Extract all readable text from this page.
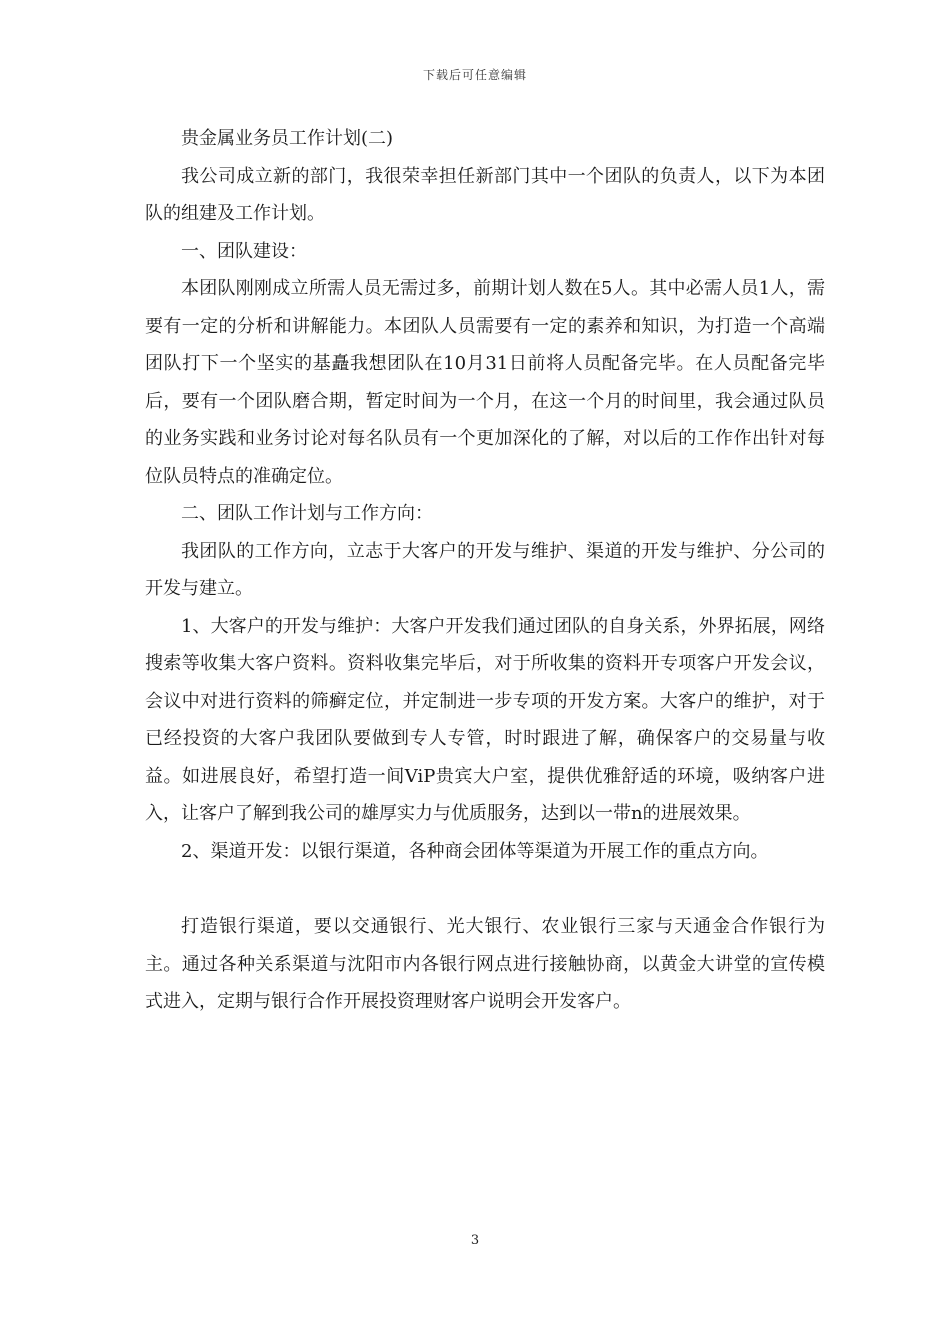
下载后可任意编辑

贵金属业务员工作计划(二)

我公司成立新的部门，我很荣幸担任新部门其中一个团队的负责人，以下为本团队的组建及工作计划。

一、团队建设：

本团队刚刚成立所需人员无需过多，前期计划人数在5人。其中必需人员1人，需要有一定的分析和讲解能力。本团队人员需要有一定的素养和知识，为打造一个高端团队打下一个坚实的基矗我想团队在10月31日前将人员配备完毕。在人员配备完毕后，要有一个团队磨合期，暂定时间为一个月，在这一个月的时间里，我会通过队员的业务实践和业务讨论对每名队员有一个更加深化的了解，对以后的工作作出针对每位队员特点的准确定位。

二、团队工作计划与工作方向：

我团队的工作方向，立志于大客户的开发与维护、渠道的开发与维护、分公司的开发与建立。

1、大客户的开发与维护：大客户开发我们通过团队的自身关系，外界拓展，网络搜索等收集大客户资料。资料收集完毕后，对于所收集的资料开专项客户开发会议，会议中对进行资料的筛癣定位，并定制进一步专项的开发方案。大客户的维护，对于已经投资的大客户我团队要做到专人专管，时时跟进了解，确保客户的交易量与收益。如进展良好，希望打造一间ViP贵宾大户室，提供优雅舒适的环境，吸纳客户进入，让客户了解到我公司的雄厚实力与优质服务，达到以一带n的进展效果。

2、渠道开发：以银行渠道，各种商会团体等渠道为开展工作的重点方向。

打造银行渠道，要以交通银行、光大银行、农业银行三家与天通金合作银行为主。通过各种关系渠道与沈阳市内各银行网点进行接触协商，以黄金大讲堂的宣传模式进入，定期与银行合作开展投资理财客户说明会开发客户。

3
